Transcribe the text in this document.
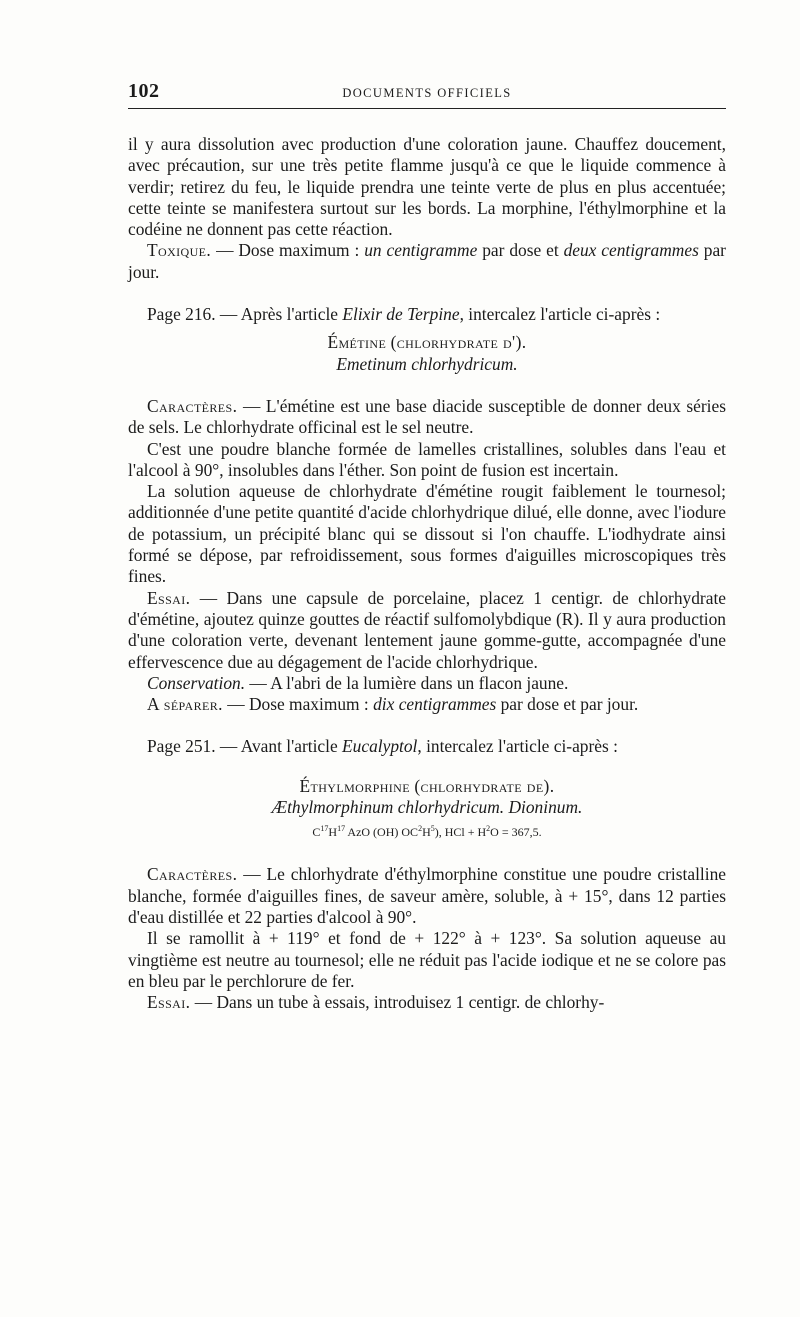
102	DOCUMENTS OFFICIELS

il y aura dissolution avec production d'une coloration jaune. Chauffez doucement, avec précaution, sur une très petite flamme jusqu'à ce que le liquide commence à verdir; retirez du feu, le liquide prendra une teinte verte de plus en plus accentuée; cette teinte se manifestera surtout sur les bords. La morphine, l'éthylmorphine et la codéine ne donnent pas cette réaction.

Toxique. — Dose maximum : un centigramme par dose et deux centigrammes par jour.

Page 216. — Après l'article Elixir de Terpine, intercalez l'article ci-après :

Émétine (chlorhydrate d').

Emetinum chlorhydricum.

Caractères. — L'émétine est une base diacide susceptible de donner deux séries de sels. Le chlorhydrate officinal est le sel neutre.

C'est une poudre blanche formée de lamelles cristallines, solubles dans l'eau et l'alcool à 90°, insolubles dans l'éther. Son point de fusion est incertain.

La solution aqueuse de chlorhydrate d'émétine rougit faiblement le tournesol; additionnée d'une petite quantité d'acide chlorhydrique dilué, elle donne, avec l'iodure de potassium, un précipité blanc qui se dissout si l'on chauffe. L'iodhydrate ainsi formé se dépose, par refroidissement, sous formes d'aiguilles microscopiques très fines.

Essai. — Dans une capsule de porcelaine, placez 1 centigr. de chlorhydrate d'émétine, ajoutez quinze gouttes de réactif sulfomolybdique (R). Il y aura production d'une coloration verte, devenant lentement jaune gomme-gutte, accompagnée d'une effervescence due au dégagement de l'acide chlorhydrique.

Conservation. — A l'abri de la lumière dans un flacon jaune.

A séparer. — Dose maximum : dix centigrammes par dose et par jour.

Page 251. — Avant l'article Eucalyptol, intercalez l'article ci-après :

Éthylmorphine (chlorhydrate de).

Æthylmorphinum chlorhydricum. Dioninum.

$C^{17}H^{17}$ AzO (OH) $OC^2H^5$), HCl + $H^2O = 367,5$.

Caractères. — Le chlorhydrate d'éthylmorphine constitue une poudre cristalline blanche, formée d'aiguilles fines, de saveur amère, soluble, à + 15°, dans 12 parties d'eau distillée et 22 parties d'alcool à 90°.

Il se ramollit à + 119° et fond de + 122° à + 123°. Sa solution aqueuse au vingtième est neutre au tournesol; elle ne réduit pas l'acide iodique et ne se colore pas en bleu par le perchlorure de fer.

Essai. — Dans un tube à essais, introduisez 1 centigr. de chlorhy-
